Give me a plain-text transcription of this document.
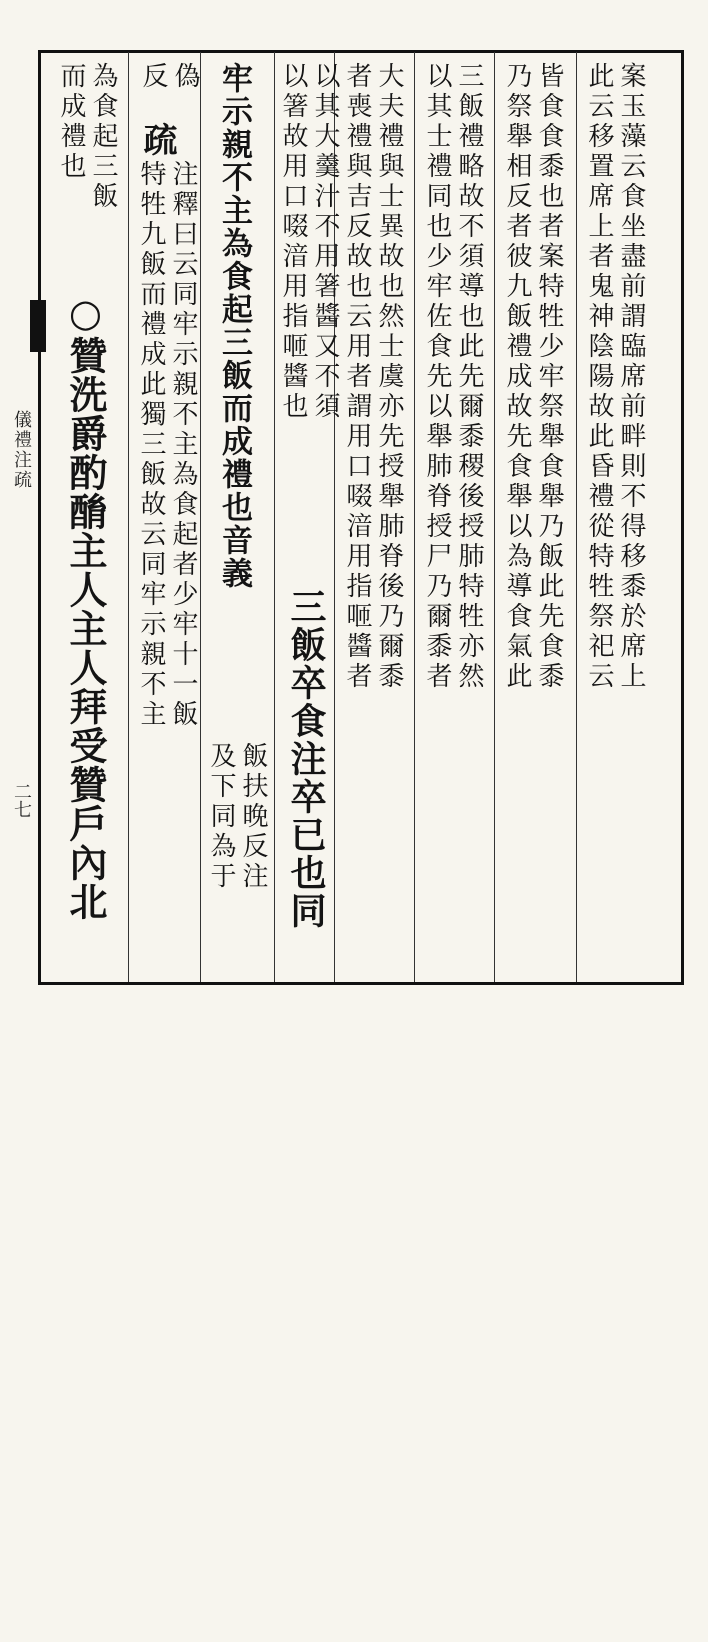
儀禮注疏
二七
案玉藻云食坐盡前謂臨席前畔則不得移黍於席上
此云移置席上者鬼神陰陽故此昏禮從特牲祭祀云
皆食食黍也者案特牲少牢祭舉食舉乃飯此先食黍
乃祭舉相反者彼九飯禮成故先食舉以為導食氣此
三飯禮略故不須導也此先爾黍稷後授肺特牲亦然
以其士禮同也少牢佐食先以舉肺脊授尸乃爾黍者
大夫禮與士異故也然士虞亦先授舉肺脊後乃爾黍
者喪禮與吉反故也云用者謂用口啜湆用指咂醬者
以其大羹汁不用箸醬又不須
以箸故用口啜湆用指咂醬也
三飯卒食注卒已也同
牢示親不主為食起三飯而成禮也音義
飯扶晚反注
及下同為于
偽
反
疏
注釋曰云同牢示親不主為食起者少牢十一飯
特牲九飯而禮成此獨三飯故云同牢示親不主
為食起三飯
而成禮也
○贊洗爵酌酳主人主人拜受贊戶內北
